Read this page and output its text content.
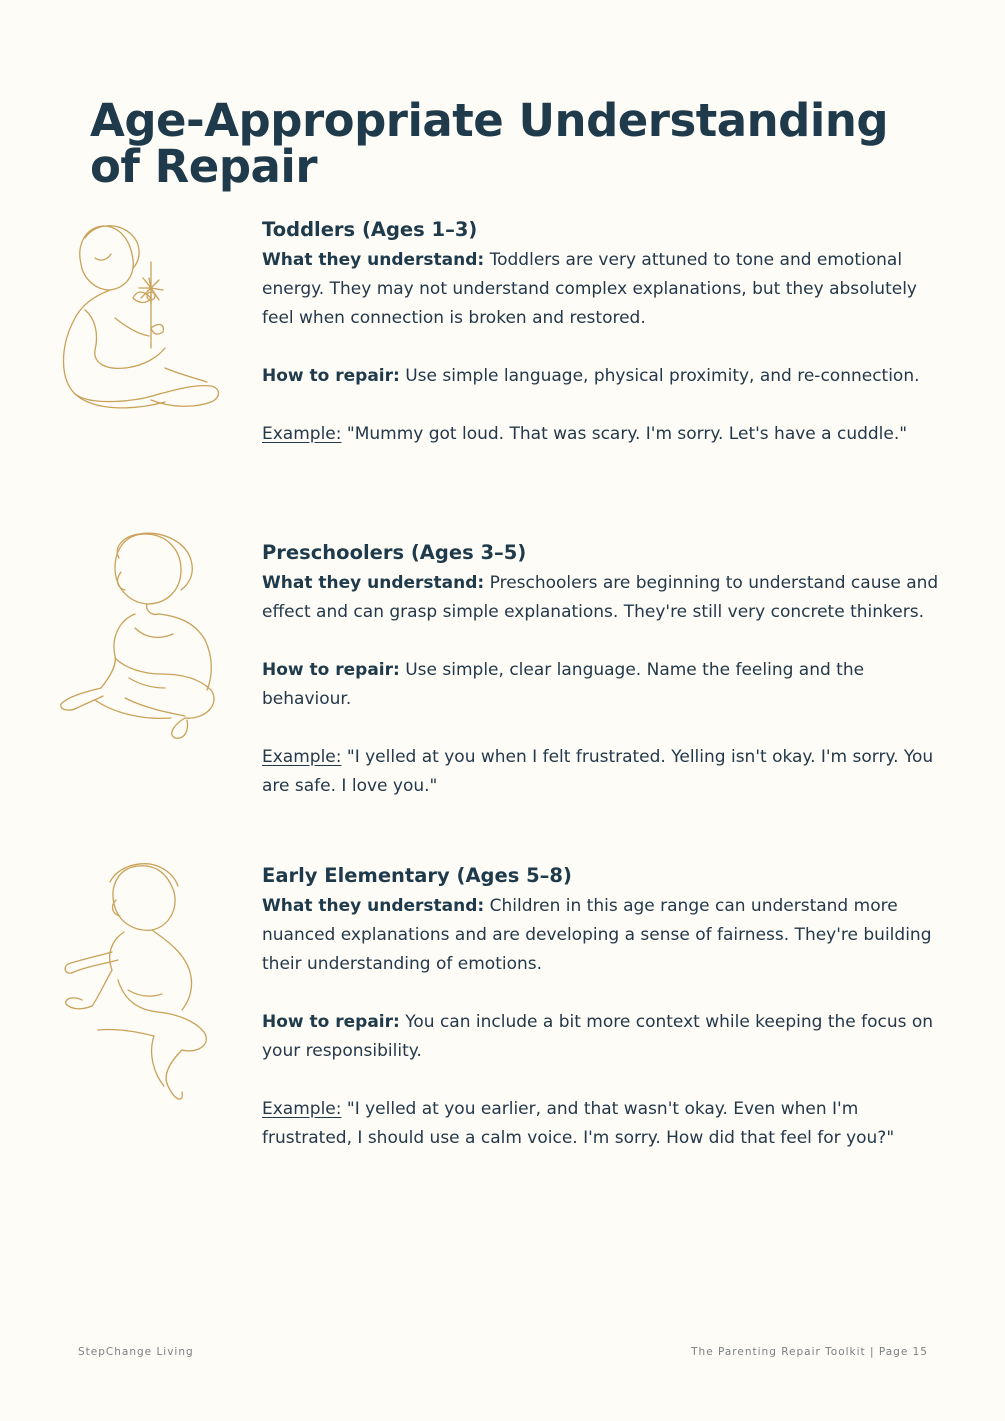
Age-Appropriate Understanding of Repair
Toddlers (Ages 1–3)

What they understand: Toddlers are very attuned to tone and emotional energy. They may not understand complex explanations, but they absolutely feel when connection is broken and restored.

How to repair: Use simple language, physical proximity, and re-connection.

Example: "Mummy got loud. That was scary. I'm sorry. Let's have a cuddle."

Preschoolers (Ages 3–5)

What they understand: Preschoolers are beginning to understand cause and effect and can grasp simple explanations. They're still very concrete thinkers.

How to repair: Use simple, clear language. Name the feeling and the behaviour.

Example: "I yelled at you when I felt frustrated. Yelling isn't okay. I'm sorry. You are safe. I love you."

Early Elementary (Ages 5–8)

What they understand: Children in this age range can understand more nuanced explanations and are developing a sense of fairness. They're building their understanding of emotions.

How to repair: You can include a bit more context while keeping the focus on your responsibility.

Example: "I yelled at you earlier, and that wasn't okay. Even when I'm frustrated, I should use a calm voice. I'm sorry. How did that feel for you?"

StepChange Living	The Parenting Repair Toolkit | Page 15
